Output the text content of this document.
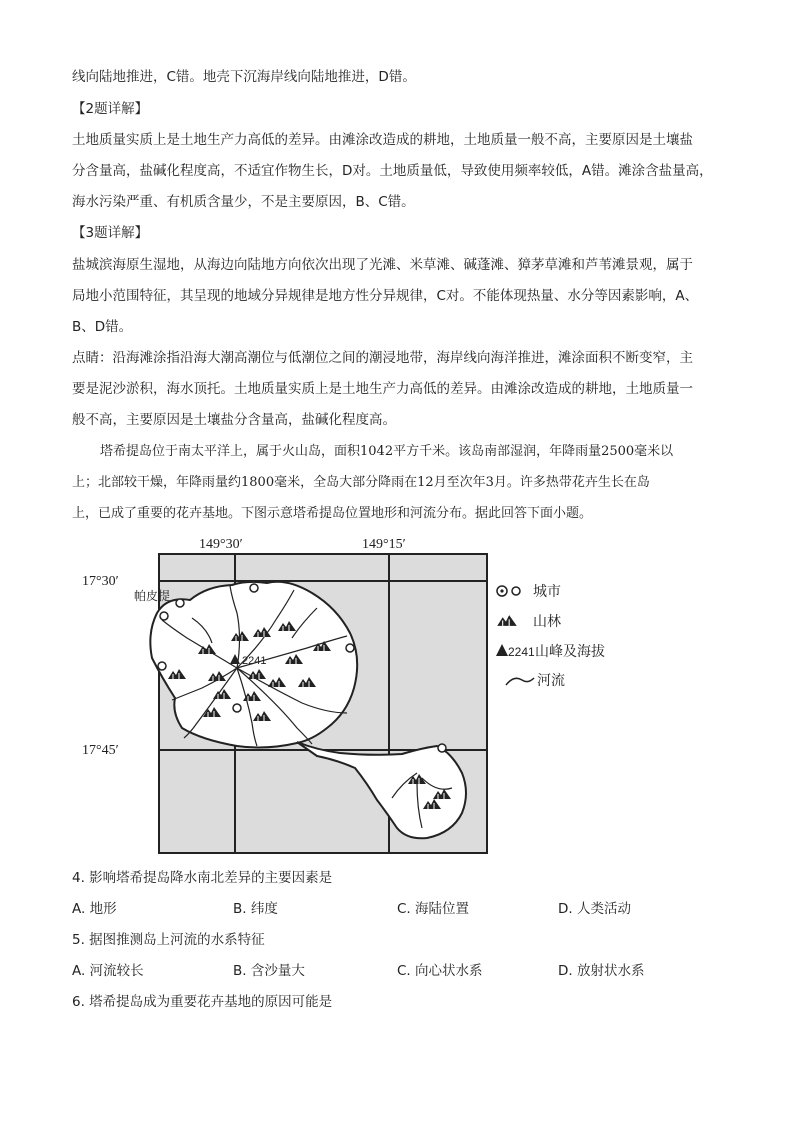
线向陆地推进，C错。地壳下沉海岸线向陆地推进，D错。
【2题详解】
土地质量实质上是土地生产力高低的差异。由滩涂改造成的耕地，土地质量一般不高，主要原因是土壤盐
分含量高，盐碱化程度高，不适宜作物生长，D对。土地质量低，导致使用频率较低，A错。滩涂含盐量高，
海水污染严重、有机质含量少，不是主要原因，B、C错。
【3题详解】
盐城滨海原生湿地，从海边向陆地方向依次出现了光滩、米草滩、碱蓬滩、獐茅草滩和芦苇滩景观，属于
局地小范围特征，其呈现的地域分异规律是地方性分异规律，C对。不能体现热量、水分等因素影响，A、
B、D错。
点睛：沿海滩涂指沿海大潮高潮位与低潮位之间的潮浸地带，海岸线向海洋推进，滩涂面积不断变窄，主
要是泥沙淤积，海水顶托。土地质量实质上是土地生产力高低的差异。由滩涂改造成的耕地，土地质量一
般不高，主要原因是土壤盐分含量高，盐碱化程度高。
塔希提岛位于南太平洋上，属于火山岛，面积1042平方千米。该岛南部湿润，年降雨量2500毫米以
上；北部较干燥，年降雨量约1800毫米，全岛大部分降雨在12月至次年3月。许多热带花卉生长在岛
上，已成了重要的花卉基地。下图示意塔希提岛位置地形和河流分布。据此回答下面小题。
2241
帕皮提
149°30′	149°15′
17°30′
17°45′
城市
山林
2241 山峰及海拔
河流
4. 影响塔希提岛降水南北差异的主要因素是
A. 地形	B. 纬度	C. 海陆位置	D. 人类活动
5. 据图推测岛上河流的水系特征
A. 河流较长	B. 含沙量大	C. 向心状水系	D. 放射状水系
6. 塔希提岛成为重要花卉基地的原因可能是
